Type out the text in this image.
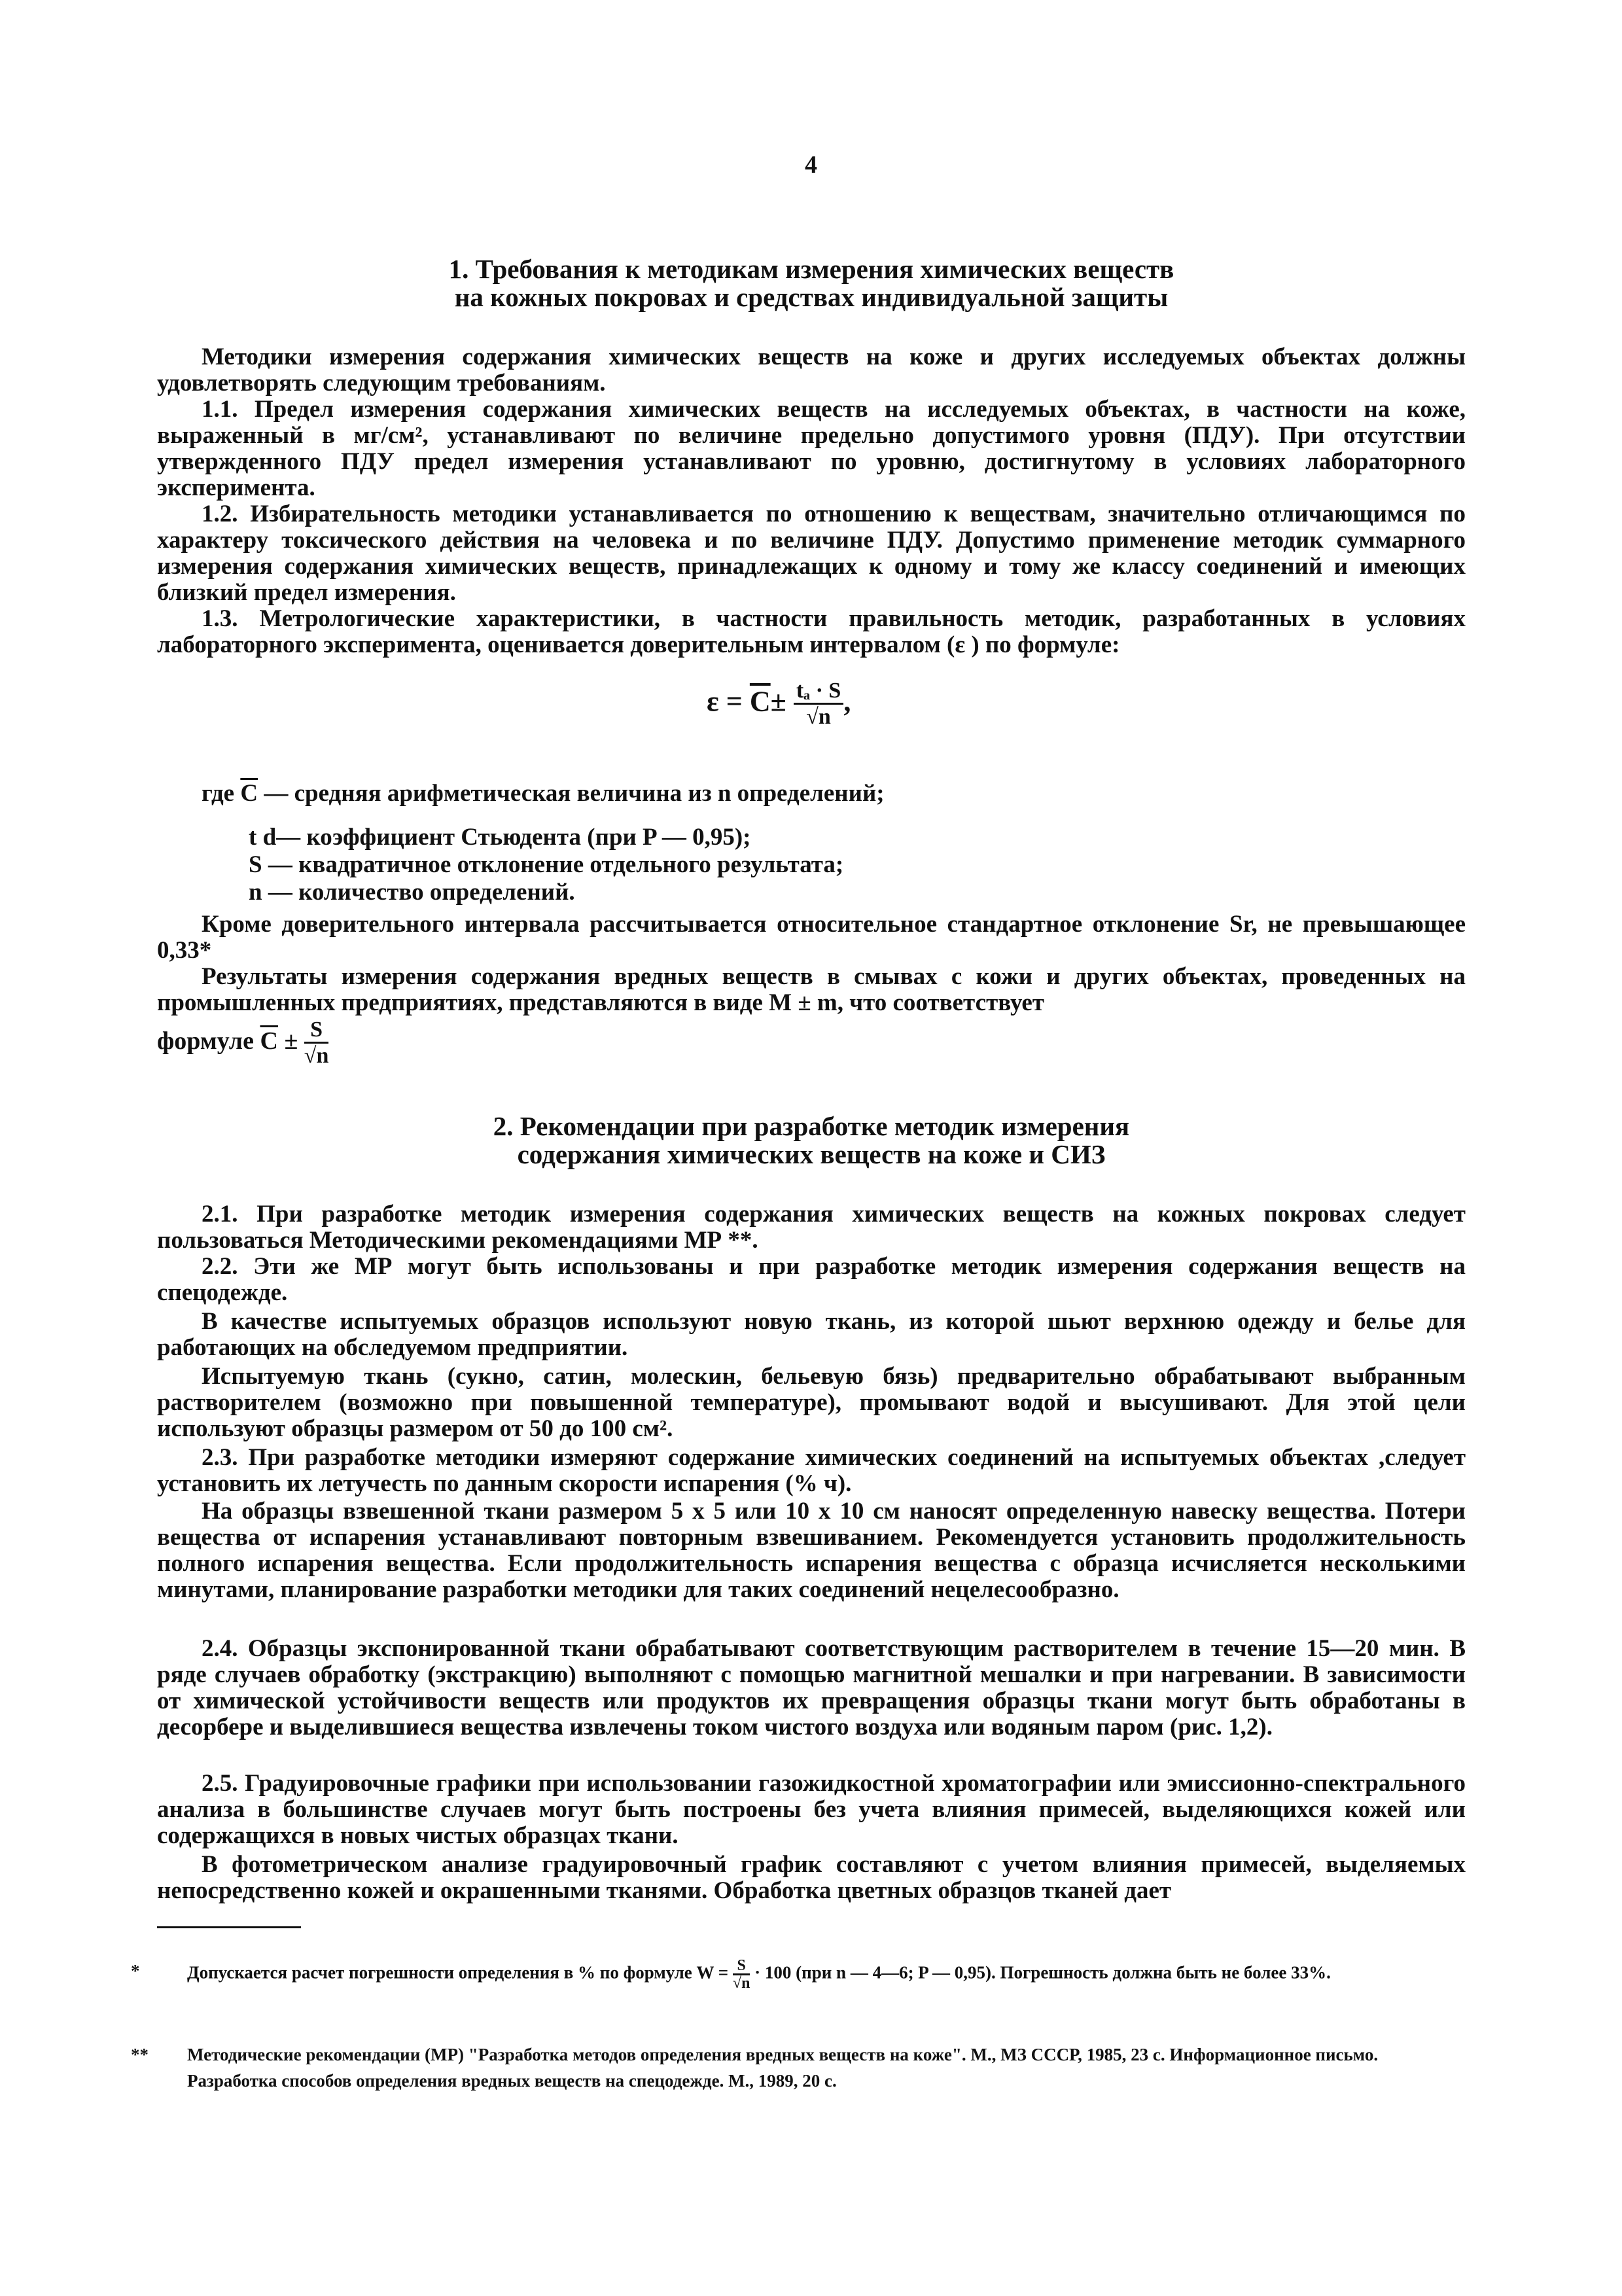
4
1. Требования к методикам измерения химических веществ
на кожных покровах и средствах индивидуальной защиты
Методики измерения содержания химических веществ на коже и других исследуемых объектах должны удовлетворять следующим требованиям.
1.1. Предел измерения содержания химических веществ на исследуемых объектах, в частности на коже, выраженный в мг/см², устанавливают по величине предельно допустимого уровня (ПДУ). При отсутствии утвержденного ПДУ предел измерения устанавливают по уровню, достигнутому в условиях лабораторного эксперимента.
1.2. Избирательность методики устанавливается по отношению к веществам, значительно отличающимся по характеру токсического действия на человека и по величине ПДУ. Допустимо применение методик суммарного измерения содержания химических веществ, принадлежащих к одному и тому же классу соединений и имеющих близкий предел измерения.
1.3. Метрологические характеристики, в частности правильность методик, разработанных в условиях лабораторного эксперимента, оценивается доверительным интервалом (ε ) по формуле:
$\varepsilon = \overline{C}\pm \frac{\text{tₐ · S}}{√n}$ ,
где $\overline{C}$ — средняя арифметическая величина из n определений;
t d— коэффициент Стьюдента (при P — 0,95);
S — квадратичное отклонение отдельного результата;
n — количество определений.
Кроме доверительного интервала рассчитывается относительное стандартное отклонение Sr, не превышающее 0,33*
Результаты измерения содержания вредных веществ в смывах с кожи и других объектах, проведенных на промышленных предприятиях, представляются в виде M ± m, что соответствует
формуле $\overline{C} \pm \frac{S}{√n}$
2. Рекомендации при разработке методик измерения
содержания химических веществ на коже и СИЗ
2.1. При разработке методик измерения содержания химических веществ на кожных покровах следует пользоваться Методическими рекомендациями МР **.
2.2. Эти же МР могут быть использованы и при разработке методик измерения содержания веществ на спецодежде.
В качестве испытуемых образцов используют новую ткань, из которой шьют верхнюю одежду и белье для работающих на обследуемом предприятии.
Испытуемую ткань (сукно, сатин, молескин, бельевую бязь) предварительно обрабатывают выбранным растворителем (возможно при повышенной температуре), промывают водой и высушивают. Для этой цели используют образцы размером от 50 до 100 см².
2.3. При разработке методики измеряют содержание химических соединений на испытуемых объектах ,следует установить их летучесть по данным скорости испарения (% ч).
На образцы взвешенной ткани размером 5 x 5 или 10 x 10 см наносят определенную навеску вещества. Потери вещества от испарения устанавливают повторным взвешиванием. Рекомендуется установить продолжительность полного испарения вещества. Если продолжительность испарения вещества с образца исчисляется несколькими минутами, планирование разработки методики для таких соединений нецелесообразно.
2.4. Образцы экспонированной ткани обрабатывают соответствующим растворителем в течение 15—20 мин. В ряде случаев обработку (экстракцию) выполняют с помощью магнитной мешалки и при нагревании. В зависимости от химической устойчивости веществ или продуктов их превращения образцы ткани могут быть обработаны в десорбере и выделившиеся вещества извлечены током чистого воздуха или водяным паром (рис. 1,2).
2.5. Градуировочные графики при использовании газожидкостной хроматографии или эмиссионно-спектрального анализа в большинстве случаев могут быть построены без учета влияния примесей, выделяющихся кожей или содержащихся в новых чистых образцах ткани.
В фотометрическом анализе градуировочный график составляют с учетом влияния примесей, выделяемых непосредственно кожей и окрашенными тканями. Обработка цветных образцов тканей дает
*	Допускается расчет погрешности определения в % по формуле $W = \frac{S}{√n} \cdot 100$ (при n — 4—6; P — 0,95). Погрешность должна быть не более 33%.
** Методические рекомендации (МР) "Разработка методов определения вредных веществ на коже". М., МЗ СССР, 1985, 23 с. Информационное письмо. Разработка способов определения вредных веществ на спецодежде. М., 1989, 20 с.
